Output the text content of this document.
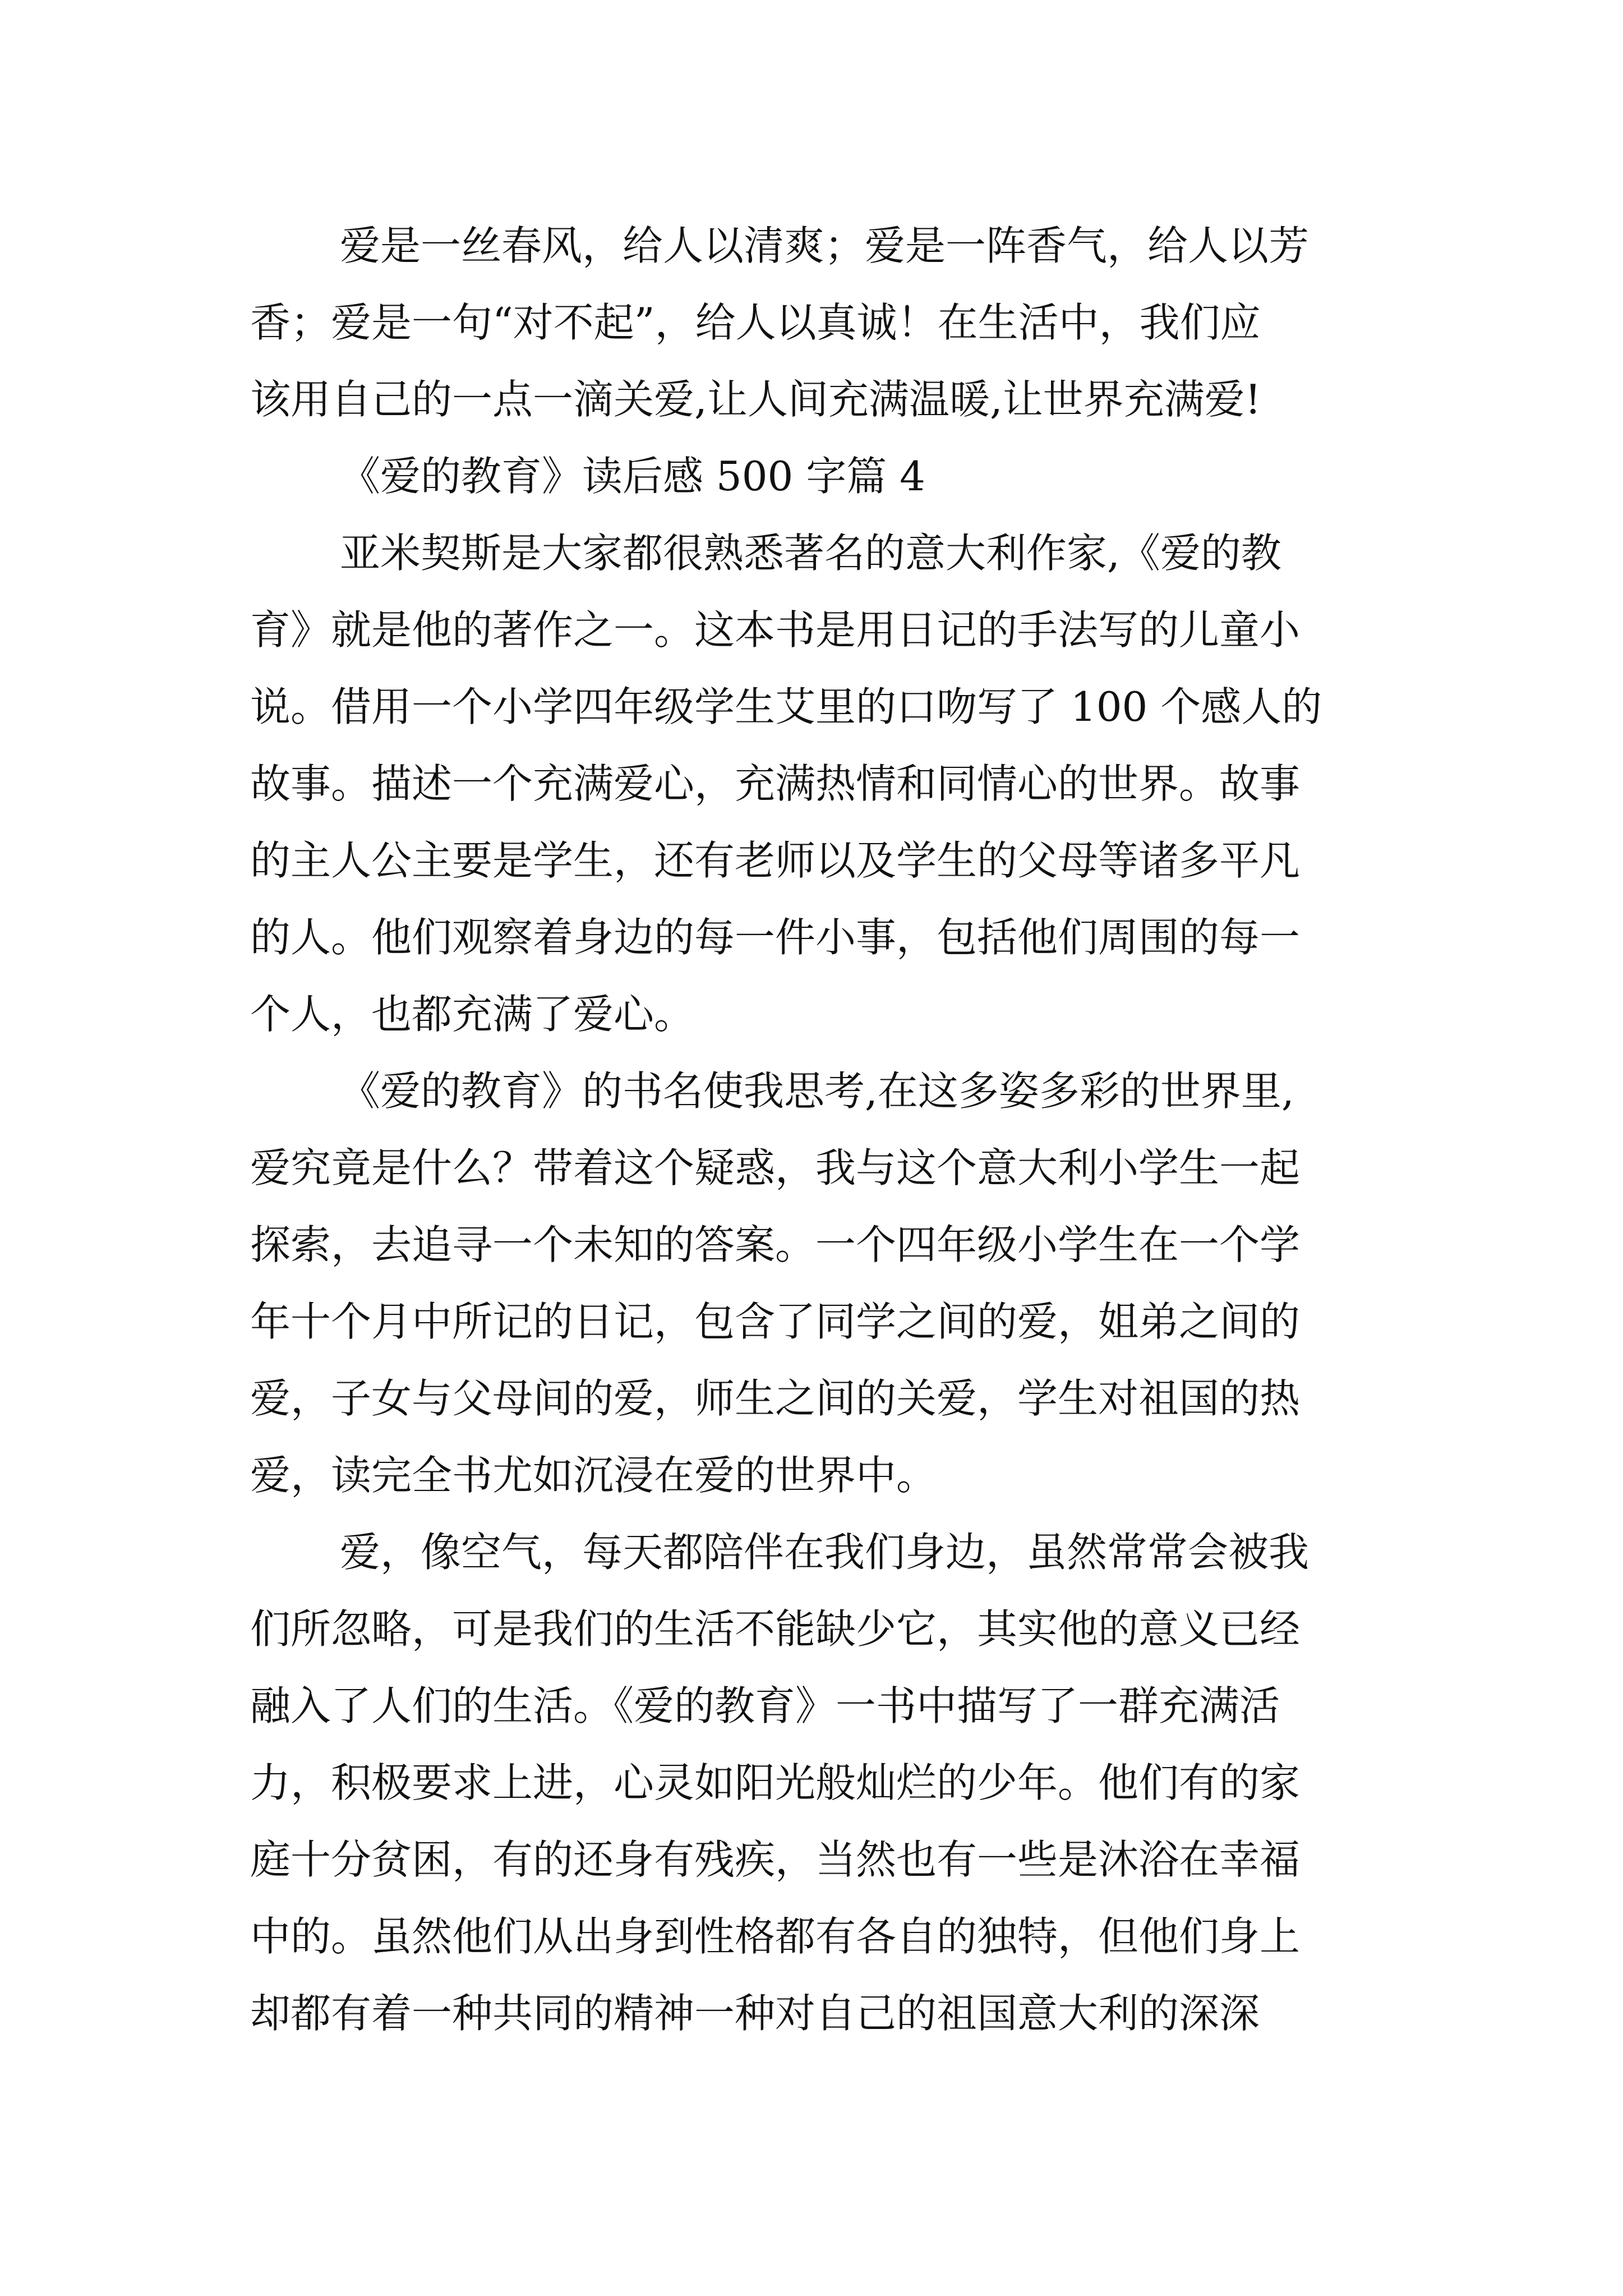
爱是一丝春风，给人以清爽；爱是一阵香气，给人以芳
香；爱是一句“对不起”，给人以真诚！在生活中，我们应
该用自己的一点一滴关爱,让人间充满温暖,让世界充满爱!
《爱的教育》读后感 500 字篇 4
亚米契斯是大家都很熟悉著名的意大利作家,《爱的教
育》就是他的著作之一。这本书是用日记的手法写的儿童小
说。借用一个小学四年级学生艾里的口吻写了 100 个感人的
故事。描述一个充满爱心，充满热情和同情心的世界。故事
的主人公主要是学生，还有老师以及学生的父母等诸多平凡
的人。他们观察着身边的每一件小事，包括他们周围的每一
个人，也都充满了爱心。
《爱的教育》的书名使我思考,在这多姿多彩的世界里,
爱究竟是什么？带着这个疑惑，我与这个意大利小学生一起
探索，去追寻一个未知的答案。一个四年级小学生在一个学
年十个月中所记的日记，包含了同学之间的爱，姐弟之间的
爱，子女与父母间的爱，师生之间的关爱，学生对祖国的热
爱，读完全书尤如沉浸在爱的世界中。
爱，像空气，每天都陪伴在我们身边，虽然常常会被我
们所忽略，可是我们的生活不能缺少它，其实他的意义已经
融入了人们的生活。《爱的教育》一书中描写了一群充满活
力，积极要求上进，心灵如阳光般灿烂的少年。他们有的家
庭十分贫困，有的还身有残疾，当然也有一些是沐浴在幸福
中的。虽然他们从出身到性格都有各自的独特，但他们身上
却都有着一种共同的精神一种对自己的祖国意大利的深深
